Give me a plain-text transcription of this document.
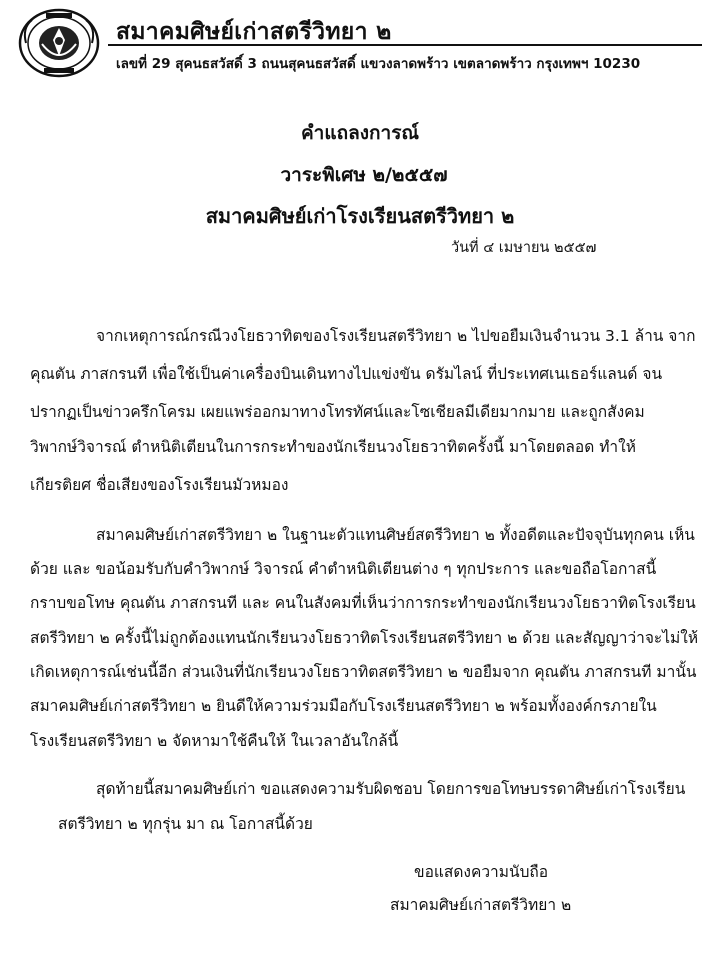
สมาคมศิษย์เก่าสตรีวิทยา ๒
เลขที่ 29 สุคนธสวัสดิ์ 3 ถนนสุคนธสวัสดิ์ แขวงลาดพร้าว เขตลาดพร้าว กรุงเทพฯ 10230
คำแถลงการณ์
วาระพิเศษ ๒/๒๕๕๗
สมาคมศิษย์เก่าโรงเรียนสตรีวิทยา ๒
วันที่ ๔ เมษายน ๒๕๕๗
จากเหตุการณ์กรณีวงโยธวาทิตของโรงเรียนสตรีวิทยา ๒ ไปขอยืมเงินจำนวน 3.1 ล้าน จาก
คุณตัน ภาสกรนที เพื่อใช้เป็นค่าเครื่องบินเดินทางไปแข่งขัน ดรัมไลน์ ที่ประเทศเนเธอร์แลนด์ จน
ปรากฏเป็นข่าวครึกโครม เผยแพร่ออกมาทางโทรทัศน์และโซเชียลมีเดียมากมาย และถูกสังคม
วิพากษ์วิจารณ์ ตำหนิติเตียนในการกระทำของนักเรียนวงโยธวาทิตครั้งนี้ มาโดยตลอด ทำให้
เกียรติยศ ชื่อเสียงของโรงเรียนมัวหมอง
สมาคมศิษย์เก่าสตรีวิทยา ๒ ในฐานะตัวแทนศิษย์สตรีวิทยา ๒ ทั้งอดีตและปัจจุบันทุกคน เห็น
ด้วย และ ขอน้อมรับกับคำวิพากษ์ วิจารณ์ คำตำหนิติเตียนต่าง ๆ ทุกประการ และขอถือโอกาสนี้
กราบขอโทษ คุณตัน ภาสกรนที และ คนในสังคมที่เห็นว่าการกระทำของนักเรียนวงโยธวาทิตโรงเรียน
สตรีวิทยา ๒ ครั้งนี้ไม่ถูกต้องแทนนักเรียนวงโยธวาทิตโรงเรียนสตรีวิทยา ๒ ด้วย และสัญญาว่าจะไม่ให้
เกิดเหตุการณ์เช่นนี้อีก ส่วนเงินที่นักเรียนวงโยธวาทิตสตรีวิทยา ๒ ขอยืมจาก คุณตัน ภาสกรนที มานั้น
สมาคมศิษย์เก่าสตรีวิทยา ๒ ยินดีให้ความร่วมมือกับโรงเรียนสตรีวิทยา ๒ พร้อมทั้งองค์กรภายใน
โรงเรียนสตรีวิทยา ๒ จัดหามาใช้คืนให้ ในเวลาอันใกล้นี้
สุดท้ายนี้สมาคมศิษย์เก่า ขอแสดงความรับผิดชอบ โดยการขอโทษบรรดาศิษย์เก่าโรงเรียน
สตรีวิทยา ๒ ทุกรุ่น มา ณ โอกาสนี้ด้วย
ขอแสดงความนับถือ
สมาคมศิษย์เก่าสตรีวิทยา ๒
